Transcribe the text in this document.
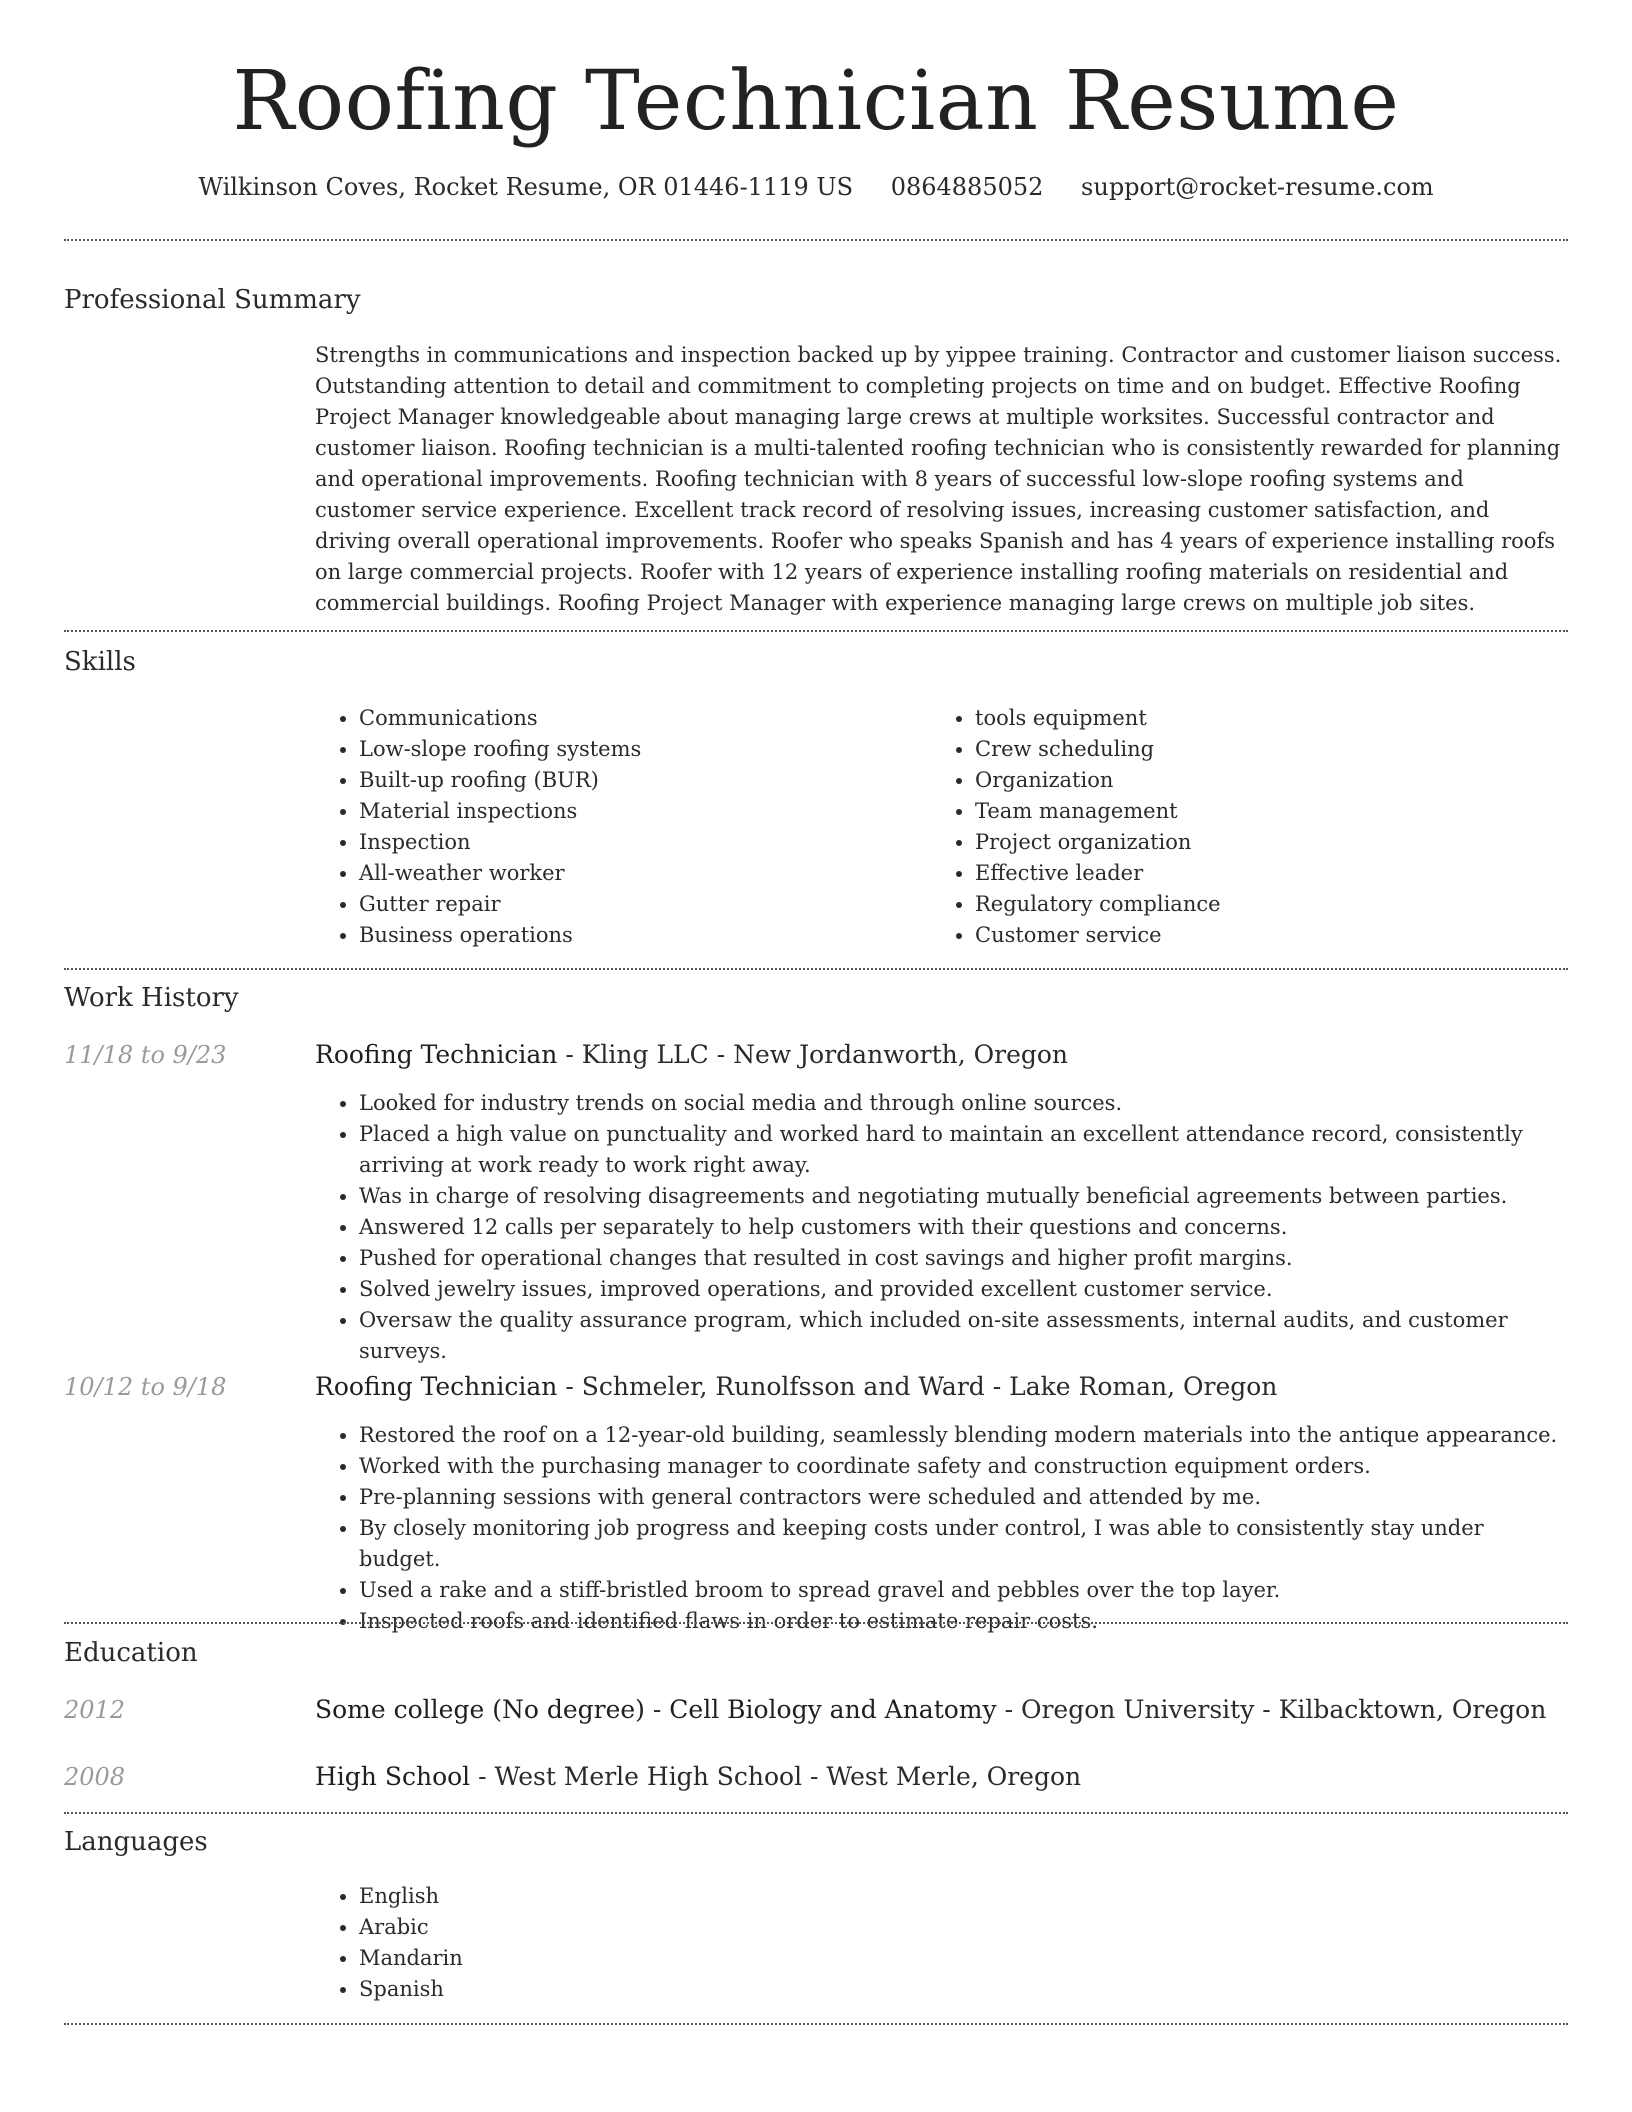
Roofing Technician Resume
Wilkinson Coves, Rocket Resume, OR 01446-1119 US 0864885052 support@rocket-resume.com
Professional Summary
Strengths in communications and inspection backed up by yippee training. Contractor and customer liaison success. Outstanding attention to detail and commitment to completing projects on time and on budget. Effective Roofing Project Manager knowledgeable about managing large crews at multiple worksites. Successful contractor and customer liaison. Roofing technician is a multi-talented roofing technician who is consistently rewarded for planning and operational improvements. Roofing technician with 8 years of successful low-slope roofing systems and customer service experience. Excellent track record of resolving issues, increasing customer satisfaction, and driving overall operational improvements. Roofer who speaks Spanish and has 4 years of experience installing roofs on large commercial projects. Roofer with 12 years of experience installing roofing materials on residential and commercial buildings. Roofing Project Manager with experience managing large crews on multiple job sites.
Skills
• Communications
• Low-slope roofing systems
• Built-up roofing (BUR)
• Material inspections
• Inspection
• All-weather worker
• Gutter repair
• Business operations
• tools equipment
• Crew scheduling
• Organization
• Team management
• Project organization
• Effective leader
• Regulatory compliance
• Customer service
Work History
11/18 to 9/23	Roofing Technician - Kling LLC - New Jordanworth, Oregon
• Looked for industry trends on social media and through online sources.
• Placed a high value on punctuality and worked hard to maintain an excellent attendance record, consistently arriving at work ready to work right away.
• Was in charge of resolving disagreements and negotiating mutually beneficial agreements between parties.
• Answered 12 calls per separately to help customers with their questions and concerns.
• Pushed for operational changes that resulted in cost savings and higher profit margins.
• Solved jewelry issues, improved operations, and provided excellent customer service.
• Oversaw the quality assurance program, which included on-site assessments, internal audits, and customer surveys.
10/12 to 9/18	Roofing Technician - Schmeler, Runolfsson and Ward - Lake Roman, Oregon
• Restored the roof on a 12-year-old building, seamlessly blending modern materials into the antique appearance.
• Worked with the purchasing manager to coordinate safety and construction equipment orders.
• Pre-planning sessions with general contractors were scheduled and attended by me.
• By closely monitoring job progress and keeping costs under control, I was able to consistently stay under budget.
• Used a rake and a stiff-bristled broom to spread gravel and pebbles over the top layer.
• Inspected roofs and identified flaws in order to estimate repair costs.
Education
2012	Some college (No degree) - Cell Biology and Anatomy - Oregon University- Kilbacktown, Oregon
2008	High School - West Merle High School - West Merle, Oregon
Languages
• English
• Arabic
• Mandarin
• Spanish
